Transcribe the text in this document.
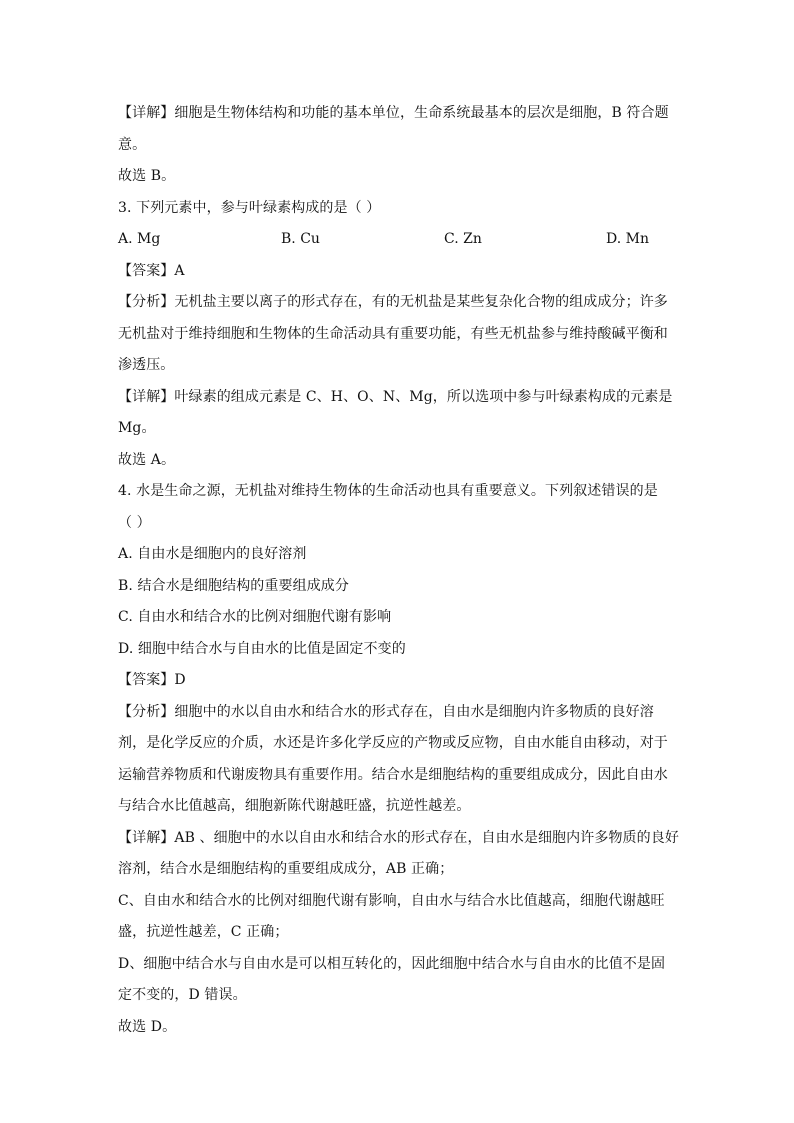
【详解】细胞是生物体结构和功能的基本单位，生命系统最基本的层次是细胞，B 符合题
意。
故选 B。
3. 下列元素中，参与叶绿素构成的是（ ）
A. Mg	B. Cu	C. Zn	D. Mn
【答案】A
【分析】无机盐主要以离子的形式存在，有的无机盐是某些复杂化合物的组成成分；许多
无机盐对于维持细胞和生物体的生命活动具有重要功能，有些无机盐参与维持酸碱平衡和
渗透压。
【详解】叶绿素的组成元素是 C、H、O、N、Mg，所以选项中参与叶绿素构成的元素是
Mg。
故选 A。
4. 水是生命之源，无机盐对维持生物体的生命活动也具有重要意义。下列叙述错误的是
（ ）
A. 自由水是细胞内的良好溶剂
B. 结合水是细胞结构的重要组成成分
C. 自由水和结合水的比例对细胞代谢有影响
D. 细胞中结合水与自由水的比值是固定不变的
【答案】D
【分析】细胞中的水以自由水和结合水的形式存在，自由水是细胞内许多物质的良好溶
剂，是化学反应的介质，水还是许多化学反应的产物或反应物，自由水能自由移动，对于
运输营养物质和代谢废物具有重要作用。结合水是细胞结构的重要组成成分，因此自由水
与结合水比值越高，细胞新陈代谢越旺盛，抗逆性越差。
【详解】AB 、细胞中的水以自由水和结合水的形式存在，自由水是细胞内许多物质的良好
溶剂，结合水是细胞结构的重要组成成分，AB 正确；
C、自由水和结合水的比例对细胞代谢有影响，自由水与结合水比值越高，细胞代谢越旺
盛，抗逆性越差，C 正确；
D、细胞中结合水与自由水是可以相互转化的，因此细胞中结合水与自由水的比值不是固
定不变的，D 错误。
故选 D。
